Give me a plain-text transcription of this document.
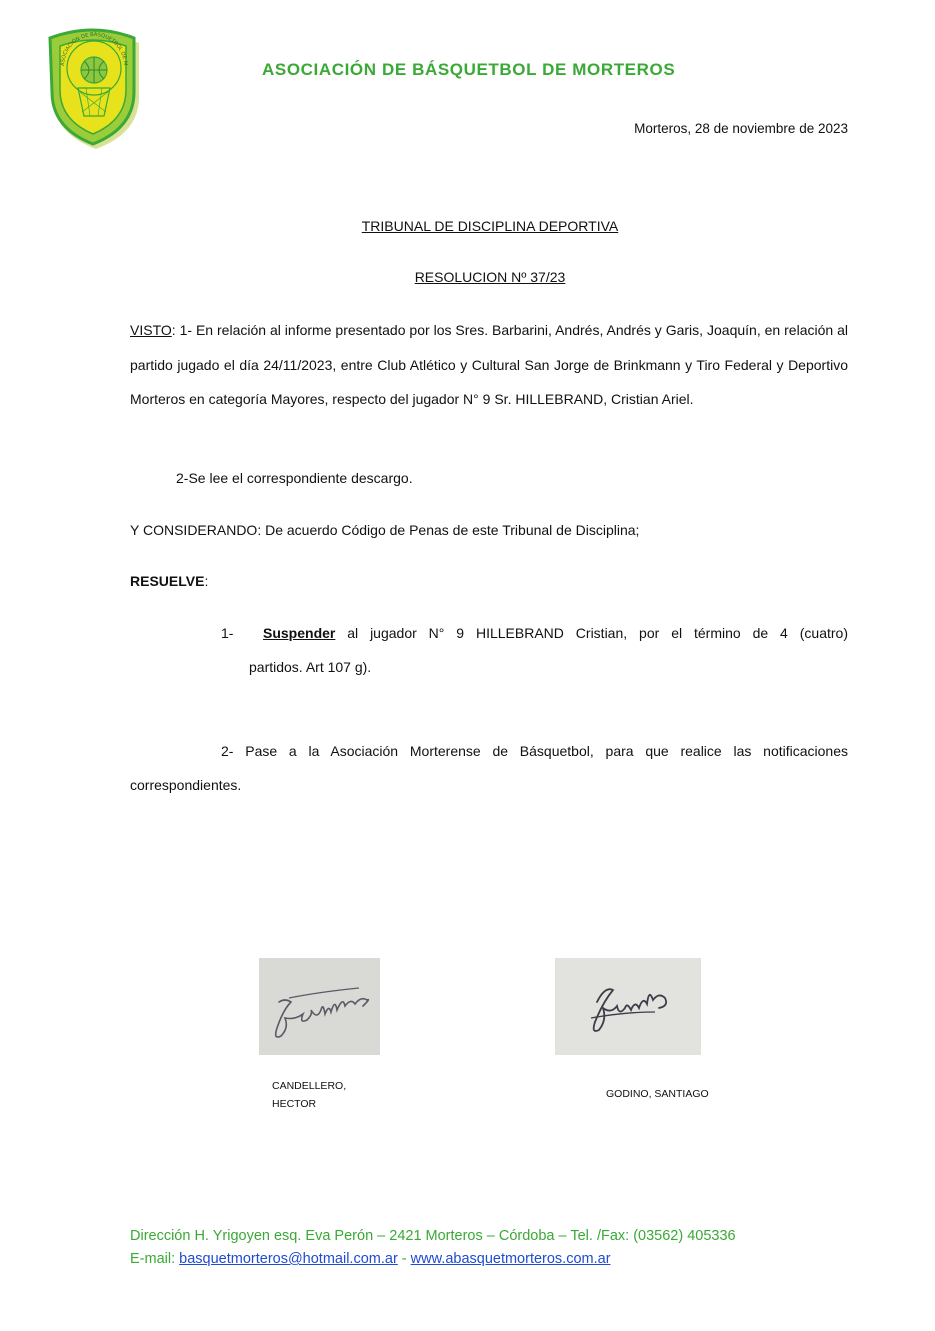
ASOCIACIÓN DE BÁSQUETBOL DE M	ASOCIACIÓN DE BÁSQUETBOL DE MORTEROS
Morteros, 28 de noviembre de 2023
TRIBUNAL DE DISCIPLINA DEPORTIVA
RESOLUCION Nº 37/23
VISTO: 1- En relación al informe presentado por los Sres. Barbarini, Andrés, Andrés y Garis, Joaquín, en relación al partido jugado el día 24/11/2023, entre Club Atlético y Cultural San Jorge de Brinkmann y Tiro Federal y Deportivo Morteros en categoría Mayores, respecto del jugador N° 9 Sr. HILLEBRAND, Cristian Ariel.
2-Se lee el correspondiente descargo.
Y CONSIDERANDO: De acuerdo Código de Penas de este Tribunal de Disciplina;
RESUELVE:
1- Suspender al jugador N° 9 HILLEBRAND Cristian, por el término de 4 (cuatro)
partidos. Art 107 g).
2- Pase a la Asociación Morterense de Básquetbol, para que realice las notificaciones correspondientes.
CANDELLERO, HECTOR
GODINO, SANTIAGO
Dirección H. Yrigoyen esq. Eva Perón – 2421 Morteros – Córdoba – Tel. /Fax: (03562) 405336
E-mail: basquetmorteros@hotmail.com.ar - www.abasquetmorteros.com.ar
